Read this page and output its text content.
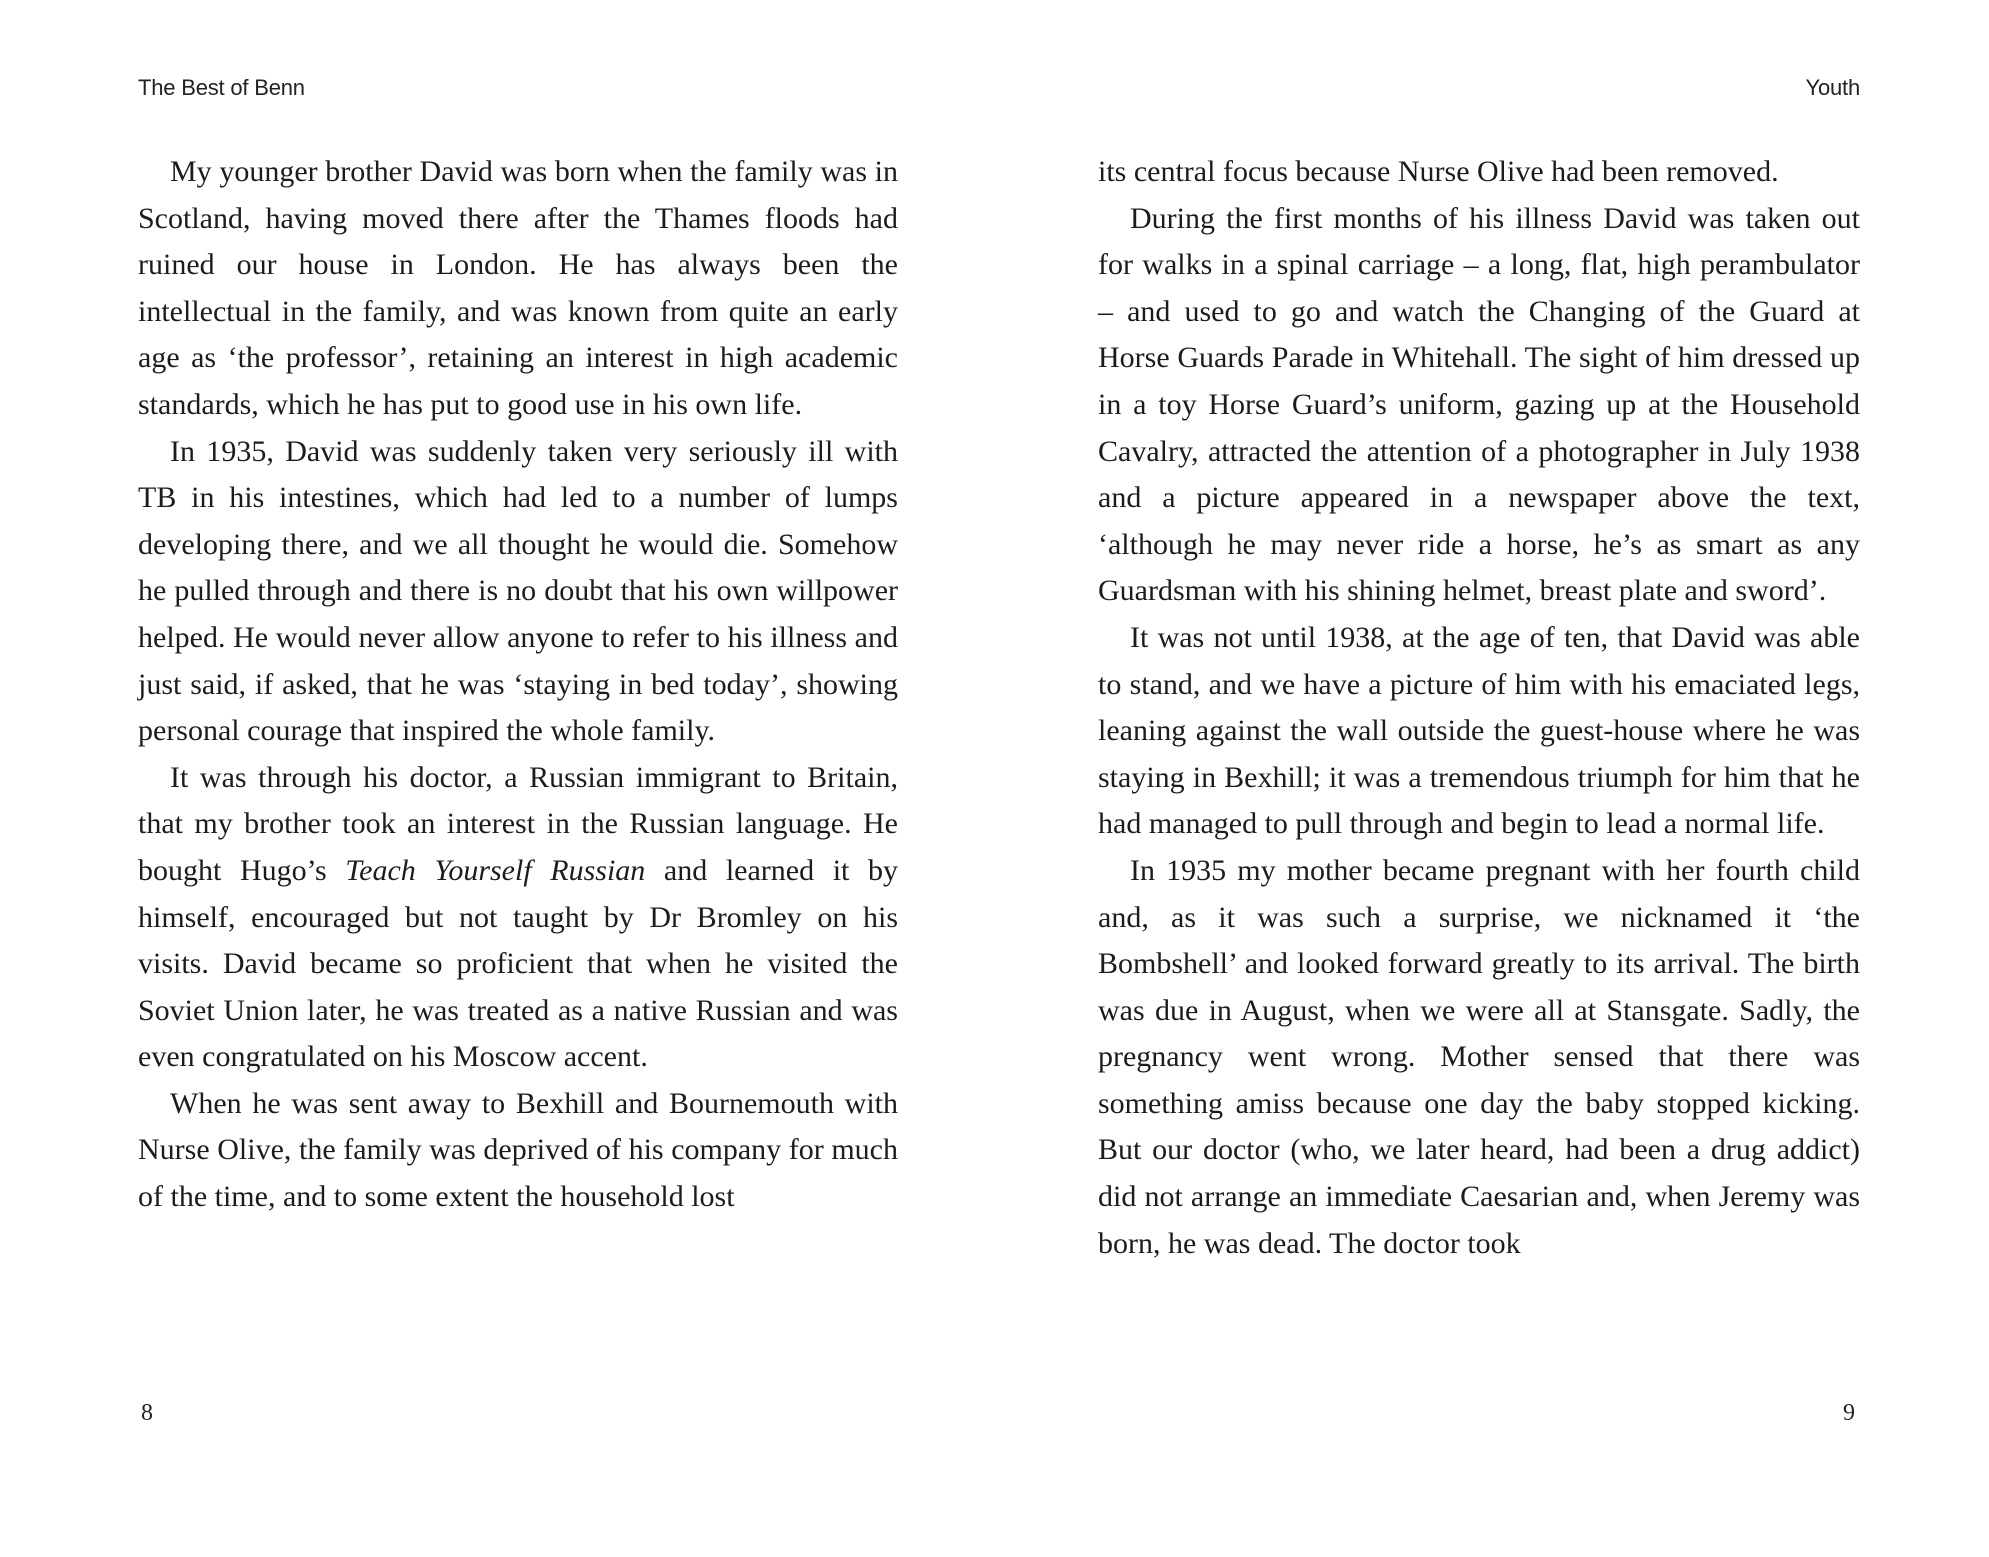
The Best of Benn

My younger brother David was born when the family was in Scotland, having moved there after the Thames floods had ruined our house in London. He has always been the intellectual in the family, and was known from quite an early age as ‘the professor’, retaining an interest in high academic standards, which he has put to good use in his own life.

In 1935, David was suddenly taken very seriously ill with TB in his intestines, which had led to a number of lumps developing there, and we all thought he would die. Somehow he pulled through and there is no doubt that his own willpower helped. He would never allow anyone to refer to his illness and just said, if asked, that he was ‘staying in bed today’, showing personal courage that inspired the whole family.

It was through his doctor, a Russian immigrant to Britain, that my brother took an interest in the Russian language. He bought Hugo’s Teach Yourself Russian and learned it by himself, encouraged but not taught by Dr Bromley on his visits. David became so proficient that when he visited the Soviet Union later, he was treated as a native Russian and was even congratulated on his Moscow accent.

When he was sent away to Bexhill and Bournemouth with Nurse Olive, the family was deprived of his company for much of the time, and to some extent the household lost

8
Youth

its central focus because Nurse Olive had been removed.

During the first months of his illness David was taken out for walks in a spinal carriage – a long, flat, high perambulator – and used to go and watch the Changing of the Guard at Horse Guards Parade in Whitehall. The sight of him dressed up in a toy Horse Guard’s uniform, gazing up at the Household Cavalry, attracted the attention of a photographer in July 1938 and a picture appeared in a newspaper above the text, ‘although he may never ride a horse, he’s as smart as any Guardsman with his shining helmet, breast plate and sword’.

It was not until 1938, at the age of ten, that David was able to stand, and we have a picture of him with his emaciated legs, leaning against the wall outside the guest-house where he was staying in Bexhill; it was a tremendous triumph for him that he had managed to pull through and begin to lead a normal life.

In 1935 my mother became pregnant with her fourth child and, as it was such a surprise, we nicknamed it ‘the Bombshell’ and looked forward greatly to its arrival. The birth was due in August, when we were all at Stansgate. Sadly, the pregnancy went wrong. Mother sensed that there was something amiss because one day the baby stopped kicking. But our doctor (who, we later heard, had been a drug addict) did not arrange an immediate Caesarian and, when Jeremy was born, he was dead. The doctor took

9
